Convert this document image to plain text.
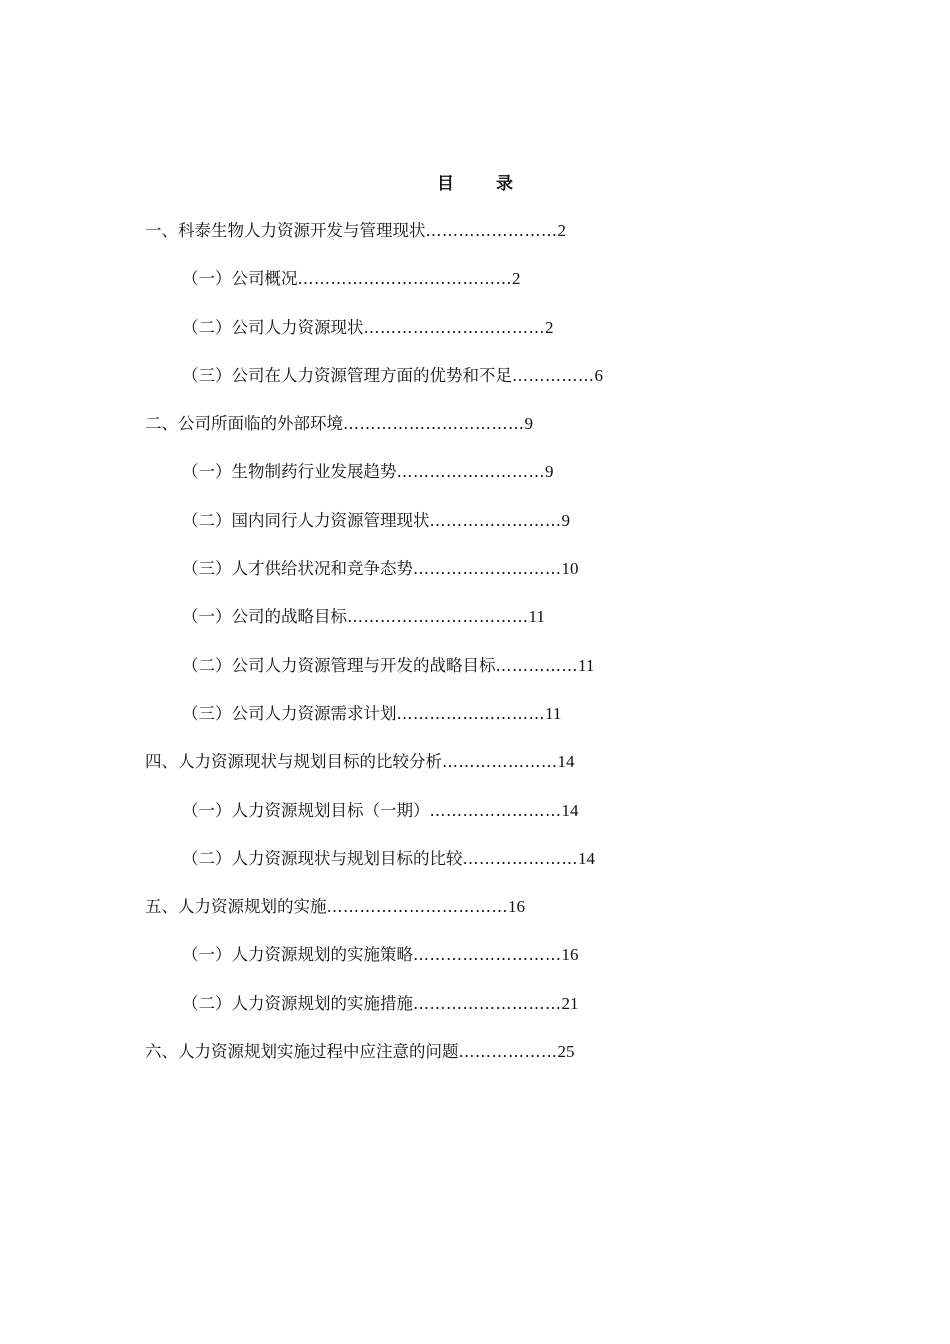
目 录
一、科泰生物人力资源开发与管理现状……………………2
（一）公司概况…………………………………2
（二）公司人力资源现状……………………………2
（三）公司在人力资源管理方面的优势和不足……………6
二、公司所面临的外部环境……………………………9
（一）生物制药行业发展趋势………………………9
（二）国内同行人力资源管理现状……………………9
（三）人才供给状况和竞争态势………………………10
（一）公司的战略目标……………………………11
（二）公司人力资源管理与开发的战略目标……………11
（三）公司人力资源需求计划………………………11
四、人力资源现状与规划目标的比较分析…………………14
（一）人力资源规划目标（一期）……………………14
（二）人力资源现状与规划目标的比较…………………14
五、人力资源规划的实施……………………………16
（一）人力资源规划的实施策略………………………16
（二）人力资源规划的实施措施………………………21
六、人力资源规划实施过程中应注意的问题………………25
